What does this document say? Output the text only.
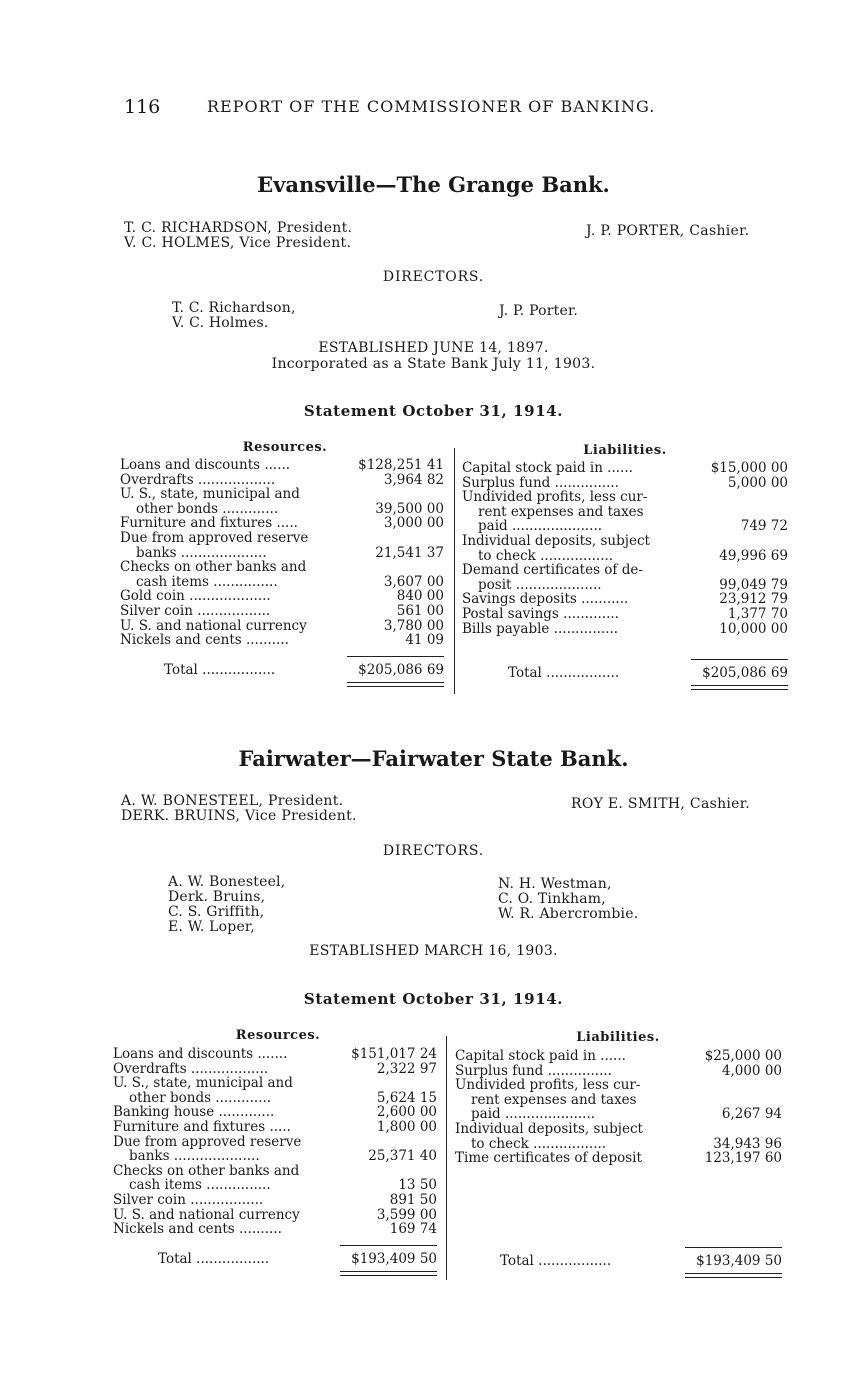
116	REPORT OF THE COMMISSIONER OF BANKING.
Evansville—The Grange Bank.
T. C. RICHARDSON, President.
V. C. HOLMES, Vice President.
J. P. PORTER, Cashier.
DIRECTORS.
T. C. Richardson,
V. C. Holmes.
J. P. Porter.
ESTABLISHED JUNE 14, 1897.
Incorporated as a State Bank July 11, 1903.
Statement October 31, 1914.
Resources.	Liabilities.
Loans and discounts ......	$128,251 41
Overdrafts ..................	3,964 82
U. S., state, municipal and
other bonds .............	39,500 00
Furniture and fixtures .....	3,000 00
Due from approved reserve
banks ....................	21,541 37
Checks on other banks and
cash items ...............	3,607 00
Gold coin ...................	840 00
Silver coin .................	561 00
U. S. and national currency	3,780 00
Nickels and cents ..........	41 09
Capital stock paid in ......	$15,000 00
Surplus fund ...............	5,000 00
Undivided profits, less cur-
rent expenses and taxes
paid .....................	749 72
Individual deposits, subject
to check .................	49,996 69
Demand certificates of de-
posit ....................	99,049 79
Savings deposits ...........	23,912 79
Postal savings .............	1,377 70
Bills payable ...............	10,000 00
Total .................	$205,086 69	Total .................	$205,086 69
Fairwater—Fairwater State Bank.
A. W. BONESTEEL, President.
DERK. BRUINS, Vice President.
ROY E. SMITH, Cashier.
DIRECTORS.
A. W. Bonesteel,
Derk. Bruins,
C. S. Griffith,
E. W. Loper,
N. H. Westman,
C. O. Tinkham,
W. R. Abercrombie.
ESTABLISHED MARCH 16, 1903.
Statement October 31, 1914.
Resources.	Liabilities.
Loans and discounts .......	$151,017 24
Overdrafts ..................	2,322 97
U. S., state, municipal and
other bonds .............	5,624 15
Banking house .............	2,600 00
Furniture and fixtures .....	1,800 00
Due from approved reserve
banks ....................	25,371 40
Checks on other banks and
cash items ...............	13 50
Silver coin .................	891 50
U. S. and national currency	3,599 00
Nickels and cents ..........	169 74
Capital stock paid in ......	$25,000 00
Surplus fund ...............	4,000 00
Undivided profits, less cur-
rent expenses and taxes
paid .....................	6,267 94
Individual deposits, subject
to check .................	34,943 96
Time certificates of deposit	123,197 60
Total .................	$193,409 50	Total .................	$193,409 50
